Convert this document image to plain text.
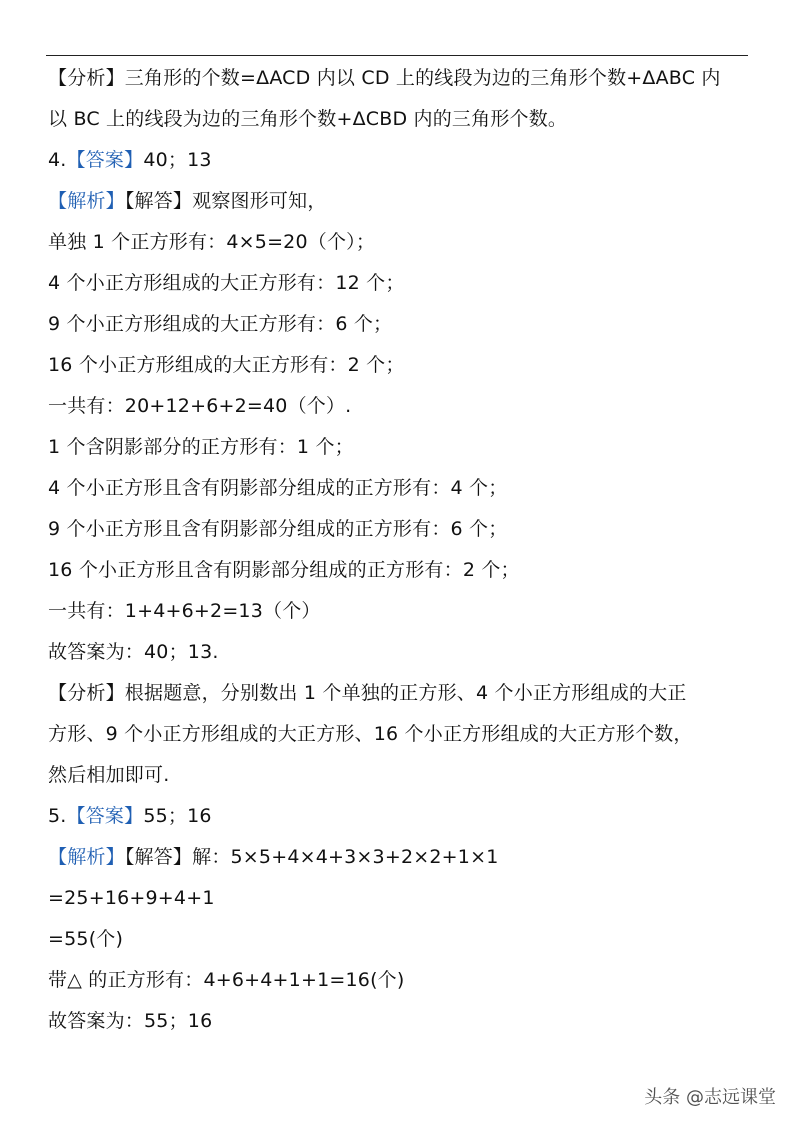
【分析】三角形的个数=ΔACD 内以 CD 上的线段为边的三角形个数+ΔABC 内
以 BC 上的线段为边的三角形个数+ΔCBD 内的三角形个数。
4.【答案】40；13
【解析】【解答】观察图形可知，
单独 1 个正方形有：4×5=20（个）；
4 个小正方形组成的大正方形有：12 个；
9 个小正方形组成的大正方形有：6 个；
16 个小正方形组成的大正方形有：2 个；
一共有：20+12+6+2=40（个）.
1 个含阴影部分的正方形有：1 个；
4 个小正方形且含有阴影部分组成的正方形有：4 个；
9 个小正方形且含有阴影部分组成的正方形有：6 个；
16 个小正方形且含有阴影部分组成的正方形有：2 个；
一共有：1+4+6+2=13（个）
故答案为：40；13.
【分析】根据题意，分别数出 1 个单独的正方形、4 个小正方形组成的大正
方形、9 个小正方形组成的大正方形、16 个小正方形组成的大正方形个数，
然后相加即可.
5.【答案】55；16
【解析】【解答】解：5×5+4×4+3×3+2×2+1×1
=25+16+9+4+1
=55(个)
带△ 的正方形有：4+6+4+1+1=16(个)
故答案为：55；16
头条 @志远课堂
